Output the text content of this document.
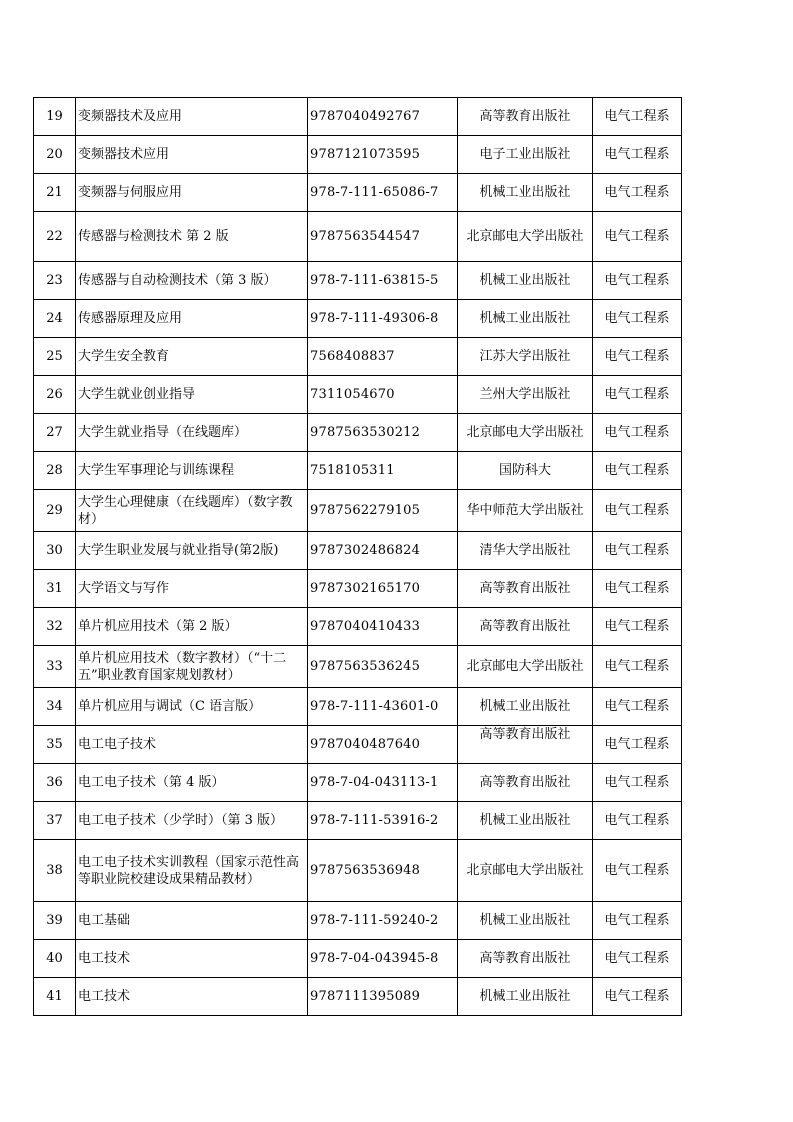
19	变频器技术及应用	9787040492767	高等教育出版社	电气工程系
20	变频器技术应用	9787121073595	电子工业出版社	电气工程系
21	变频器与伺服应用	978-7-111-65086-7	机械工业出版社	电气工程系
22	传感器与检测技术 第 2 版	9787563544547	北京邮电大学出版社	电气工程系
23	传感器与自动检测技术（第 3 版）	978-7-111-63815-5	机械工业出版社	电气工程系
24	传感器原理及应用	978-7-111-49306-8	机械工业出版社	电气工程系
25	大学生安全教育	7568408837	江苏大学出版社	电气工程系
26	大学生就业创业指导	7311054670	兰州大学出版社	电气工程系
27	大学生就业指导（在线题库）	9787563530212	北京邮电大学出版社	电气工程系
28	大学生军事理论与训练课程	7518105311	国防科大	电气工程系
29	大学生心理健康（在线题库）（数字教材）	9787562279105	华中师范大学出版社	电气工程系
30	大学生职业发展与就业指导(第2版)	9787302486824	清华大学出版社	电气工程系
31	大学语文与写作	9787302165170	高等教育出版社	电气工程系
32	单片机应用技术（第 2 版）	9787040410433	高等教育出版社	电气工程系
33	单片机应用技术（数字教材）（“十二五”职业教育国家规划教材）	9787563536245	北京邮电大学出版社	电气工程系
34	单片机应用与调试（C 语言版）	978-7-111-43601-0	机械工业出版社	电气工程系
35	电工电子技术	9787040487640	高等教育出版社	电气工程系
36	电工电子技术（第 4 版）	978-7-04-043113-1	高等教育出版社	电气工程系
37	电工电子技术（少学时）（第 3 版）	978-7-111-53916-2	机械工业出版社	电气工程系
38	电工电子技术实训教程（国家示范性高等职业院校建设成果精品教材）	9787563536948	北京邮电大学出版社	电气工程系
39	电工基础	978-7-111-59240-2	机械工业出版社	电气工程系
40	电工技术	978-7-04-043945-8	高等教育出版社	电气工程系
41	电工技术	9787111395089	机械工业出版社	电气工程系
